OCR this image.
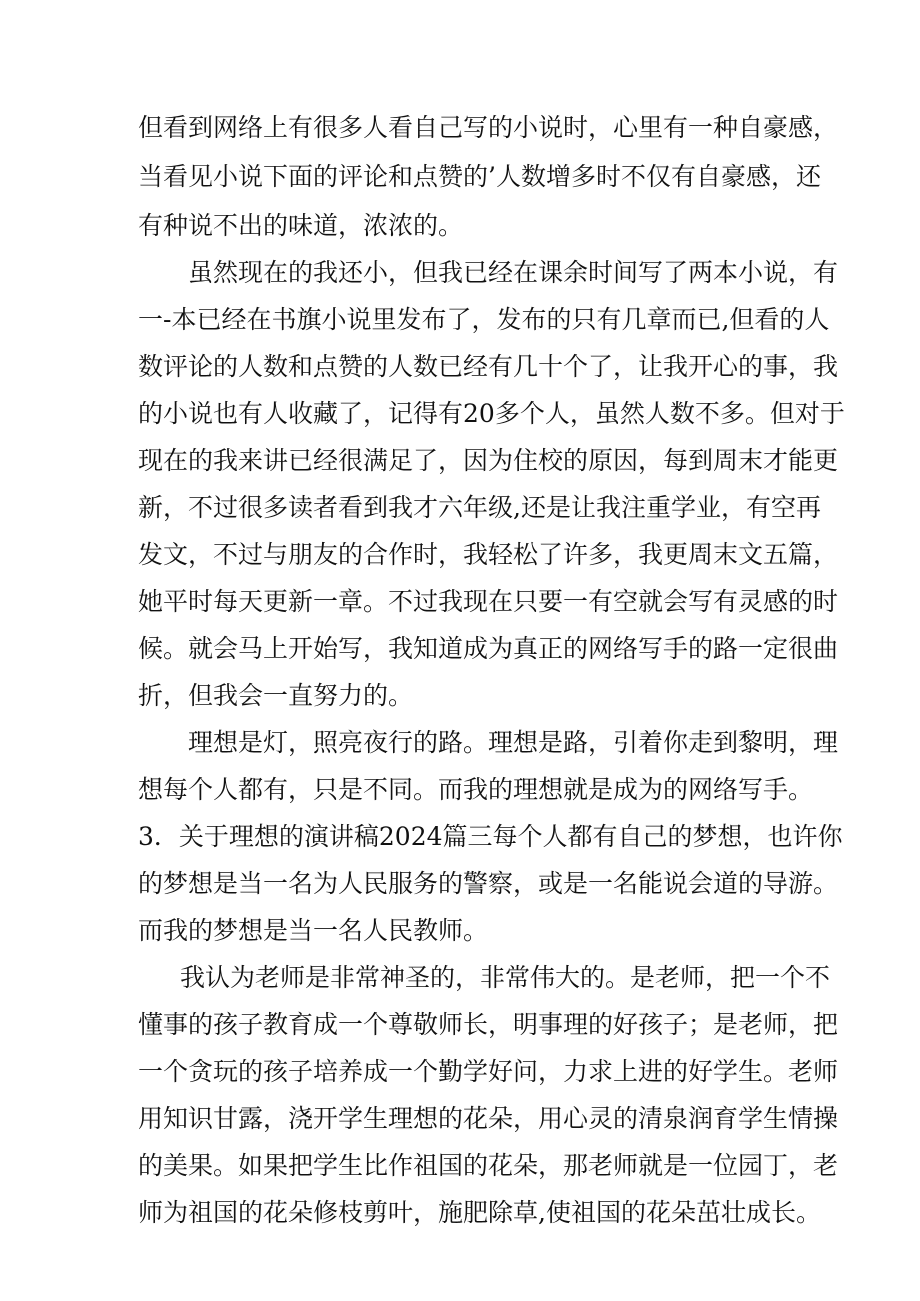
但看到网络上有很多人看自己写的小说时，心里有一种自豪感，
当看见小说下面的评论和点赞的’人数增多时不仅有自豪感，还
有种说不出的味道，浓浓的。
虽然现在的我还小，但我已经在课余时间写了两本小说，有
一-本已经在书旗小说里发布了，发布的只有几章而已,但看的人
数评论的人数和点赞的人数已经有几十个了，让我开心的事，我
的小说也有人收藏了，记得有20多个人，虽然人数不多。但对于
现在的我来讲已经很满足了，因为住校的原因，每到周末才能更
新，不过很多读者看到我才六年级,还是让我注重学业，有空再
发文，不过与朋友的合作时，我轻松了许多，我更周末文五篇，
她平时每天更新一章。不过我现在只要一有空就会写有灵感的时
候。就会马上开始写，我知道成为真正的网络写手的路一定很曲
折，但我会一直努力的。
理想是灯，照亮夜行的路。理想是路，引着你走到黎明，理
想每个人都有，只是不同。而我的理想就是成为的网络写手。
3．关于理想的演讲稿2024篇三每个人都有自己的梦想，也许你
的梦想是当一名为人民服务的警察，或是一名能说会道的导游。
而我的梦想是当一名人民教师。
我认为老师是非常神圣的，非常伟大的。是老师，把一个不
懂事的孩子教育成一个尊敬师长，明事理的好孩子；是老师，把
一个贪玩的孩子培养成一个勤学好问，力求上进的好学生。老师
用知识甘露，浇开学生理想的花朵，用心灵的清泉润育学生情操
的美果。如果把学生比作祖国的花朵，那老师就是一位园丁，老
师为祖国的花朵修枝剪叶，施肥除草,使祖国的花朵茁壮成长。
